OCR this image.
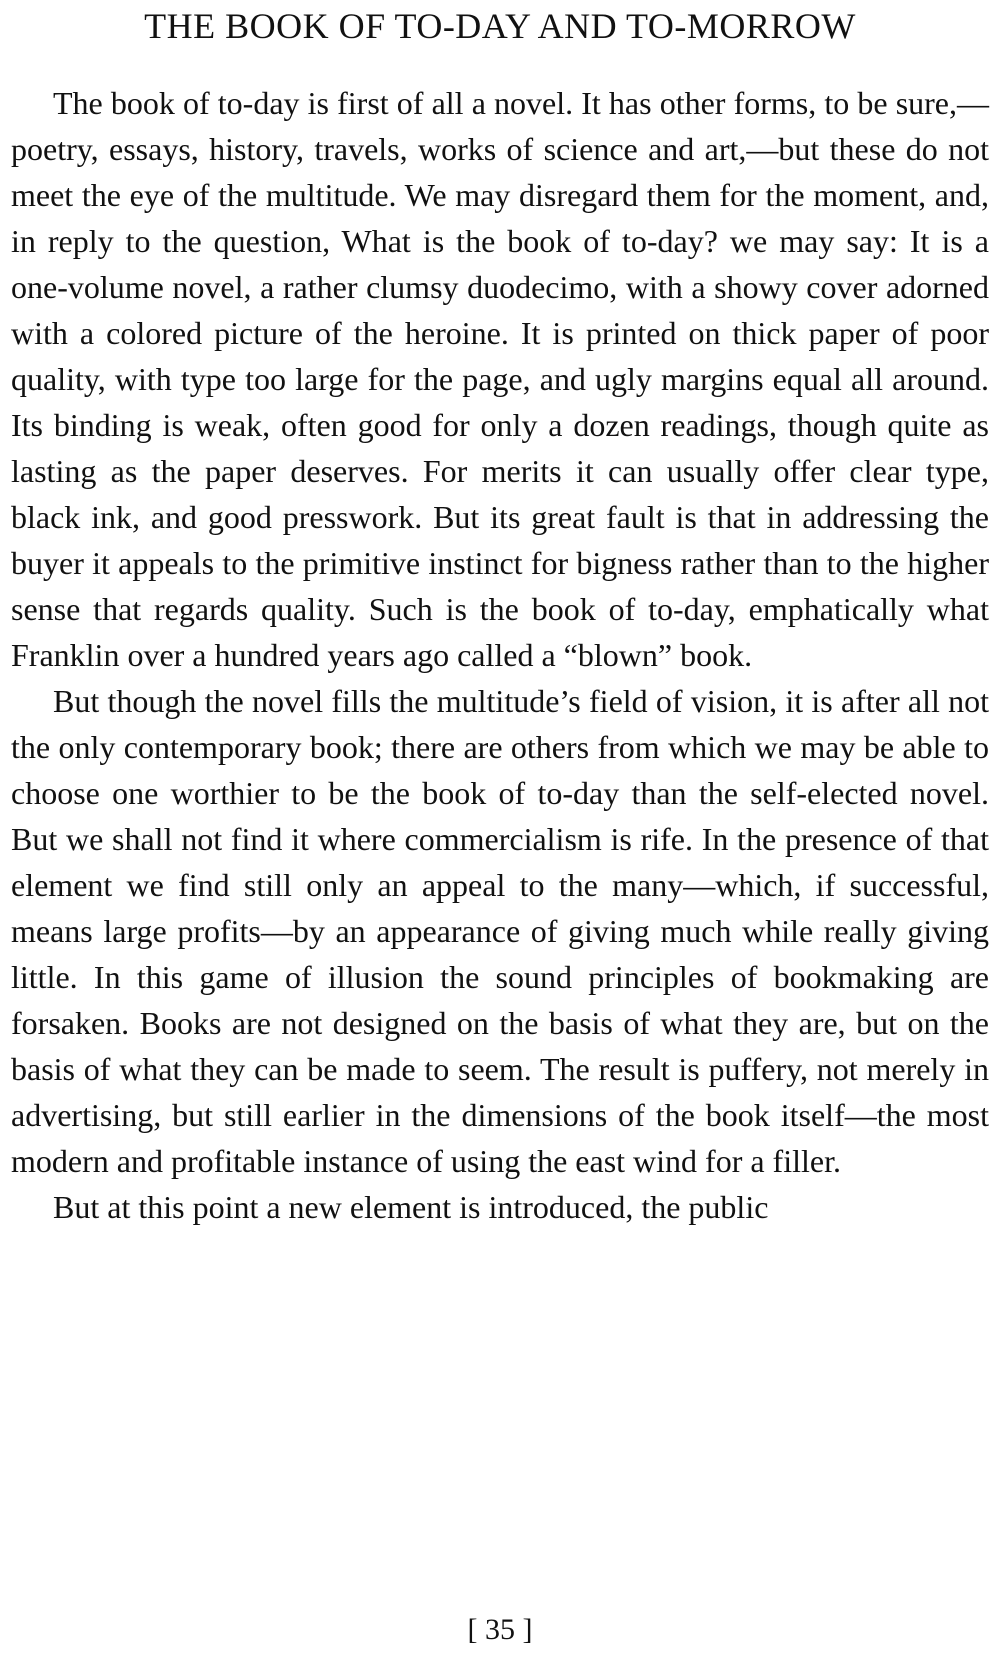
THE BOOK OF TO-DAY AND TO-MORROW

The book of to-day is first of all a novel. It has other forms, to be sure,—poetry, essays, history, travels, works of science and art,—but these do not meet the eye of the multitude. We may disregard them for the moment, and, in reply to the question, What is the book of to-day? we may say: It is a one-volume novel, a rather clumsy duodecimo, with a showy cover adorned with a colored picture of the heroine. It is printed on thick paper of poor quality, with type too large for the page, and ugly margins equal all around. Its binding is weak, often good for only a dozen readings, though quite as lasting as the paper deserves. For merits it can usually offer clear type, black ink, and good presswork. But its great fault is that in addressing the buyer it appeals to the primitive instinct for bigness rather than to the higher sense that regards quality. Such is the book of to-day, emphatically what Franklin over a hundred years ago called a “blown” book.

But though the novel fills the multitude’s field of vision, it is after all not the only contemporary book; there are others from which we may be able to choose one worthier to be the book of to-day than the self-elected novel. But we shall not find it where commercialism is rife. In the presence of that element we find still only an appeal to the many—which, if successful, means large profits—by an appearance of giving much while really giving little. In this game of illusion the sound principles of bookmaking are forsaken. Books are not designed on the basis of what they are, but on the basis of what they can be made to seem. The result is puffery, not merely in advertising, but still earlier in the dimensions of the book itself—the most modern and profitable instance of using the east wind for a filler.

But at this point a new element is introduced, the public

[ 35 ]
